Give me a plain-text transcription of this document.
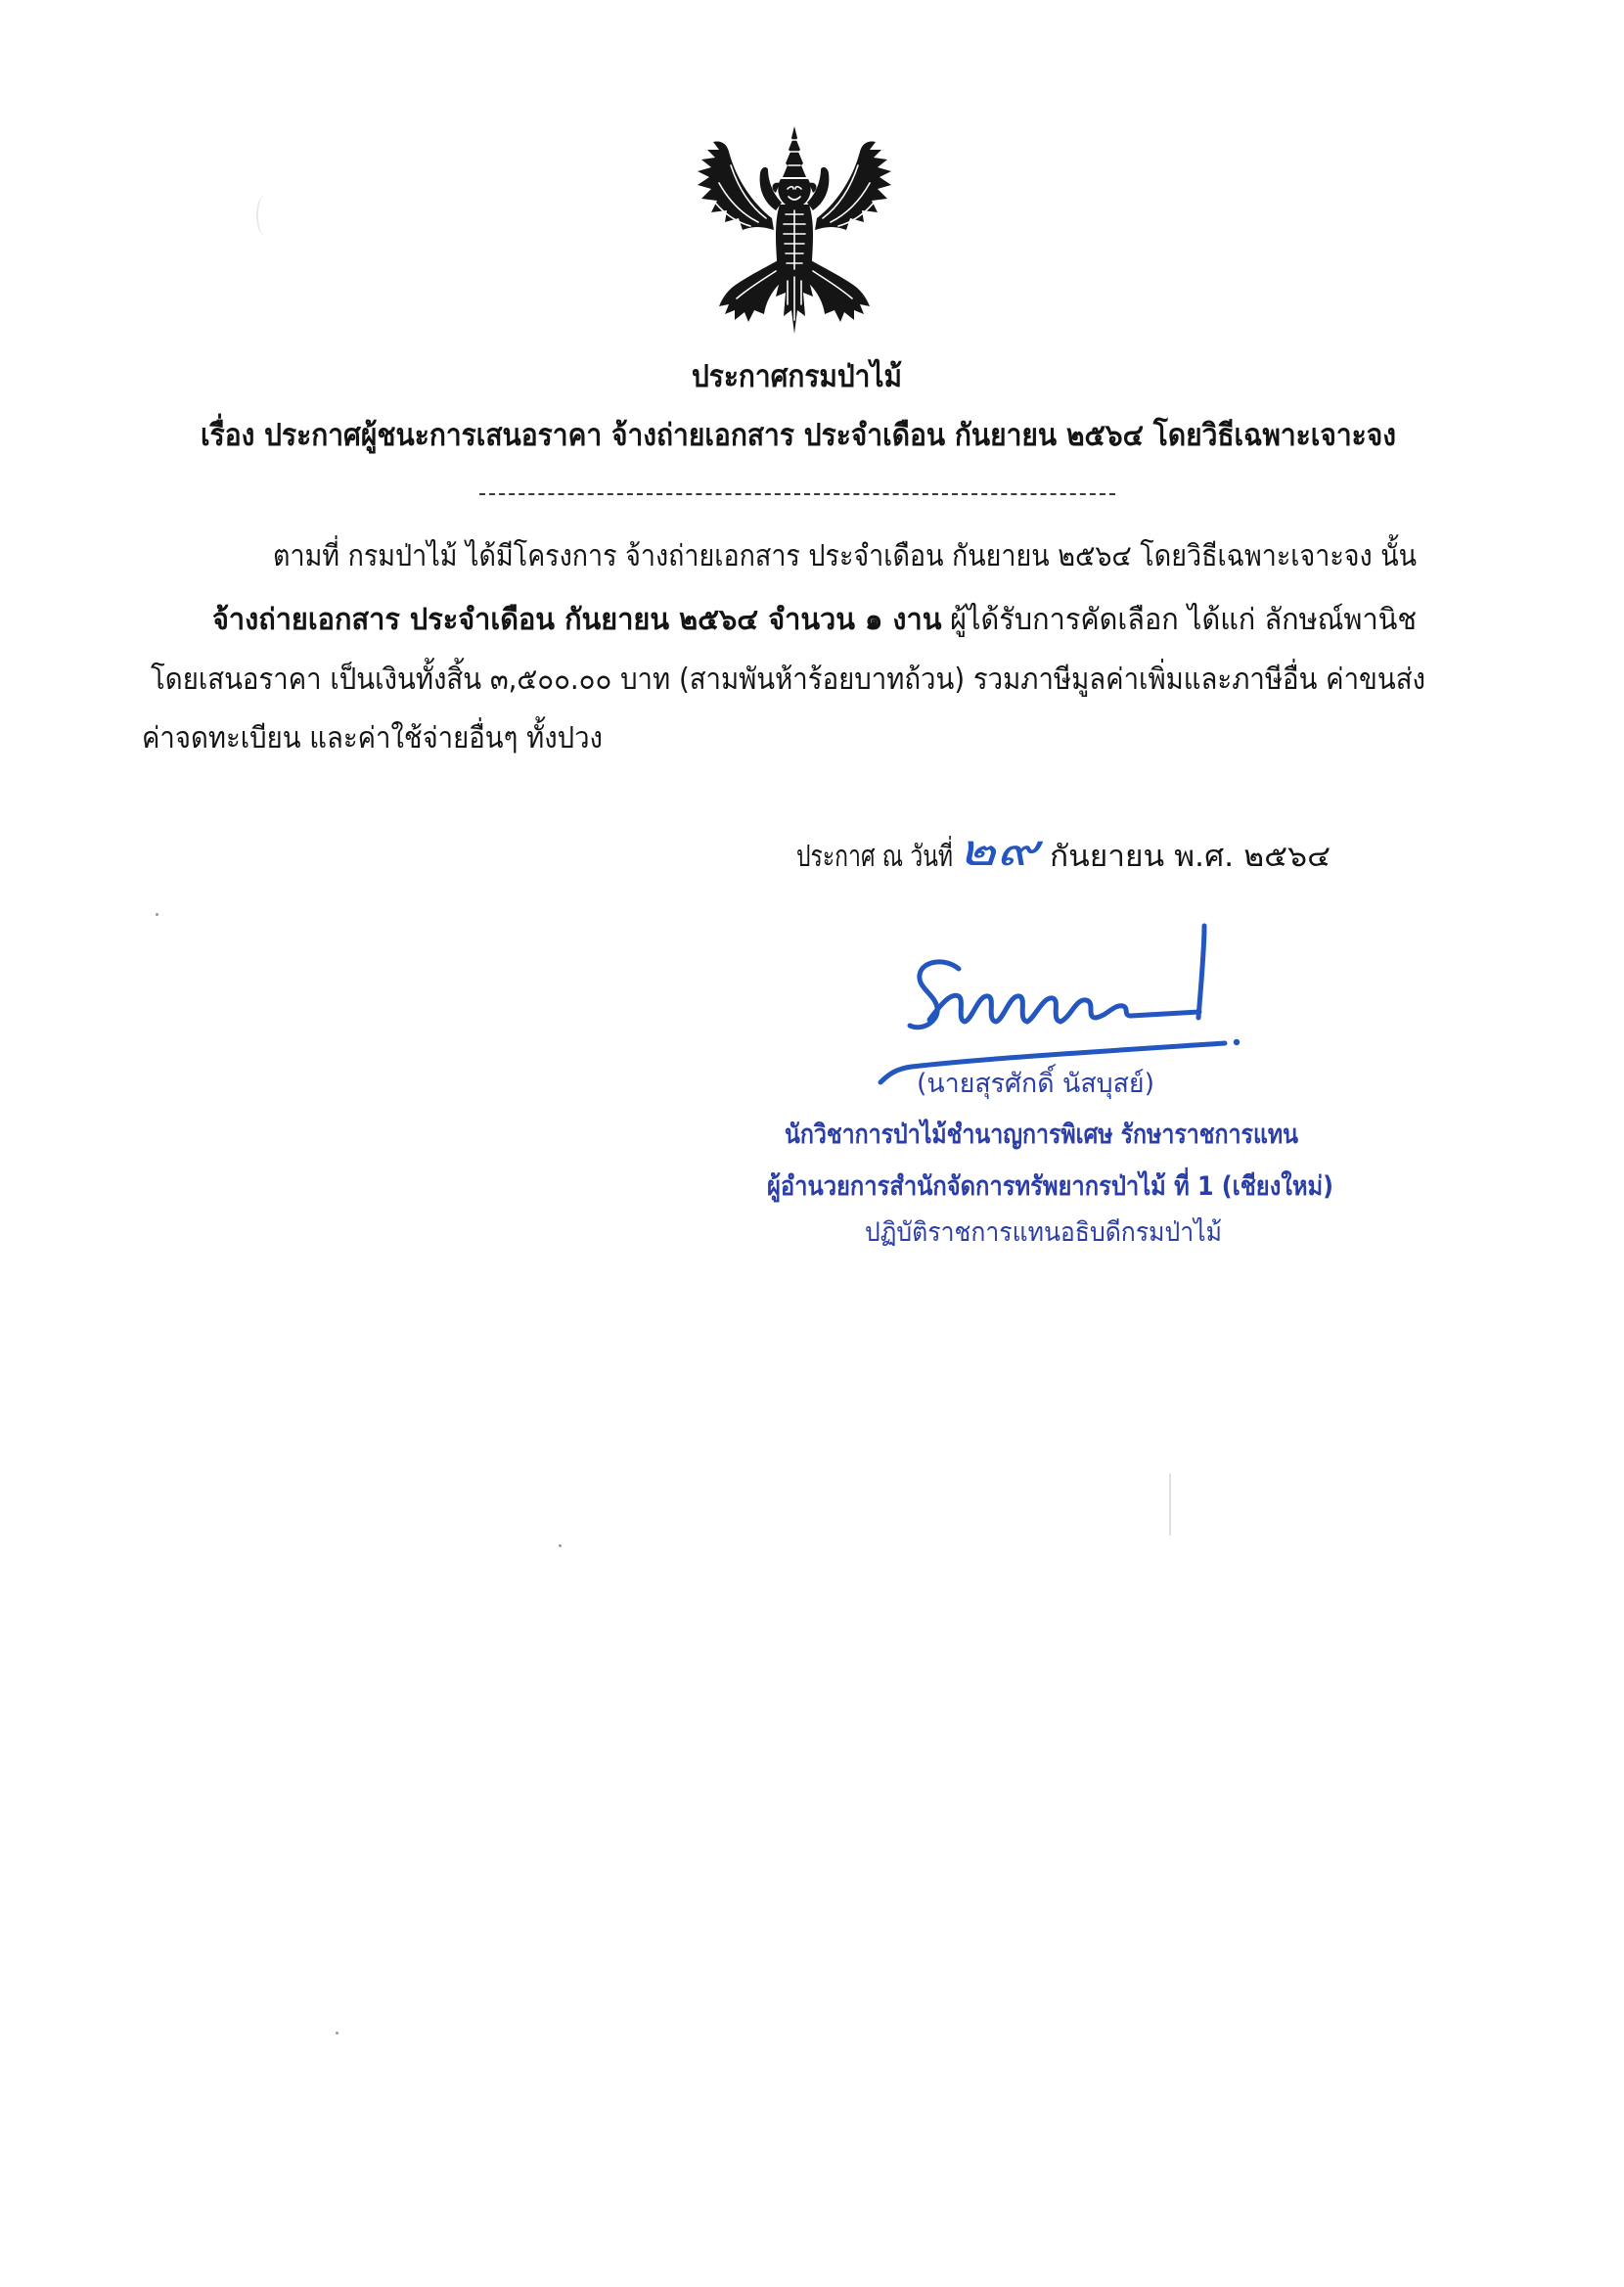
ประกาศกรมป่าไม้
เรื่อง ประกาศผู้ชนะการเสนอราคา จ้างถ่ายเอกสาร ประจำเดือน กันยายน ๒๕๖๔ โดยวิธีเฉพาะเจาะจง
ตามที่ กรมป่าไม้ ได้มีโครงการ จ้างถ่ายเอกสาร ประจำเดือน กันยายน ๒๕๖๔ โดยวิธีเฉพาะเจาะจง นั้น
จ้างถ่ายเอกสาร ประจำเดือน กันยายน ๒๕๖๔ จำนวน ๑ งาน ผู้ได้รับการคัดเลือก ได้แก่ ลักษณ์พานิช
โดยเสนอราคา เป็นเงินทั้งสิ้น ๓,๕๐๐.๐๐ บาท (สามพันห้าร้อยบาทถ้วน) รวมภาษีมูลค่าเพิ่มและภาษีอื่น ค่าขนส่ง
ค่าจดทะเบียน และค่าใช้จ่ายอื่นๆ ทั้งปวง
ประกาศ ณ วันที่ ๒๙ กันยายน พ.ศ. ๒๕๖๔
(นายสุรศักดิ์ นัสบุสย์)
นักวิชาการป่าไม้ชำนาญการพิเศษ รักษาราชการแทน
ผู้อำนวยการสำนักจัดการทรัพยากรป่าไม้ ที่ 1 (เชียงใหม่)
ปฏิบัติราชการแทนอธิบดีกรมป่าไม้
